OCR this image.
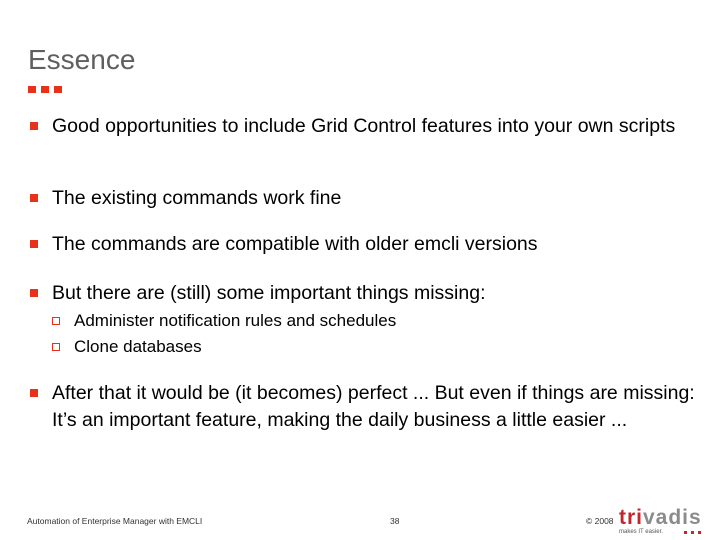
Essence
Good opportunities to include Grid Control features into your own scripts
The existing commands work fine
The commands are compatible with older emcli versions
But there are (still) some important things missing:
Administer notification rules and schedules
Clone databases
After that it would be (it becomes) perfect ... But even if things are missing: It’s an important feature, making the daily business a little easier ...
Automation of Enterprise Manager with EMCLI	38	© 2008 trivadis
makes IT easier.
